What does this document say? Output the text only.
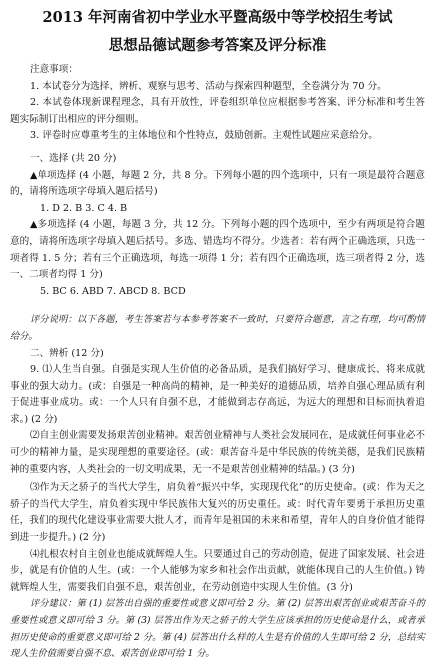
2013 年河南省初中学业水平暨高级中等学校招生考试
思想品德试题参考答案及评分标准

注意事项：

1. 本试卷分为选择、辨析、观察与思考、活动与探索四种题型，全卷满分为 70 分。

2. 本试卷体现新课程理念，具有开放性，评卷组织单位应根据参考答案、评分标准和考生答题实际制订出相应的评分细则。

3. 评卷时应尊重考生的主体地位和个性特点，鼓励创新。主观性试题应采意给分。

一、选择 (共 20 分)

▲单项选择 (4 小题，每题 2 分，共 8 分。下列每小题的四个选项中，只有一项是最符合题意的，请将所选项字母填入题后括号)

1. D 2. B 3. C 4. B

▲多项选择 (4 小题，每题 3 分，共 12 分。下列每小题的四个选项中，至少有两项是符合题意的，请将所选项字母填入题后括号。多选、错选均不得分。少选者：若有两个正确选项，只选一项者得 1. 5 分；若有三个正确选项，每选一项得 1 分；若有四个正确选项，选三项者得 2 分，选一、二项者均得 1 分)

5. BC 6. ABD 7. ABCD 8. BCD

评分说明：以下各题，考生答案若与本参考答案不一致时，只要符合题意，言之有理，均可酌情给分。

二、辨析 (12 分)

9. ⑴人生当自强。自强是实现人生价值的必备品质，是我们搞好学习、健康成长、将来成就事业的强大动力。(或：自强是一种高尚的精神，是一种美好的道德品质，培养自强心理品质有利于促进事业成功。或：一个人只有自强不息，才能做到志存高远，为远大的理想和目标而执着追求。) (2 分)

⑵自主创业需要发扬艰苦创业精神。艰苦创业精神与人类社会发展同在，是成就任何事业必不可少的精神力量，是实现理想的重要途径。(或：艰苦奋斗是中华民族的传统美德，是我们民族精神的重要内容，人类社会的一切文明成果，无一不是艰苦创业精神的结晶。) (3 分)

⑶作为天之骄子的当代大学生，肩负着“振兴中华，实现现代化”的历史使命。(或：作为天之骄子的当代大学生，肩负着实现中华民族伟大复兴的历史重任。或：时代青年要勇于承担历史重任，我们的现代化建设事业需要大批人才，而青年是祖国的未来和希望，青年人的自身价值才能得到进一步提升。) (2 分)

⑷扎根农村自主创业也能成就辉煌人生。只要通过自己的劳动创造，促进了国家发展、社会进步，就是有价值的人生。(或：一个人能够为家乡和社会作出贡献，就能体现自己的人生价值。) 铸就辉煌人生，需要我们自强不息，艰苦创业，在劳动创造中实现人生价值。(3 分)

评分建议：第 (1) 层答出自强的重要性或意义即可给 2 分。第 (2) 层答出艰苦创业或艰苦奋斗的重要性或意义即可给 3 分。第 (3) 层答出作为天之骄子的大学生应该承担的历史使命是什么，或者承担历史使命的重要意义即可给 2 分。第 (4) 层答出什么样的人生是有价值的人生即可给 2 分，总结实现人生价值需要自强不息、艰苦创业即可给 1 分。
